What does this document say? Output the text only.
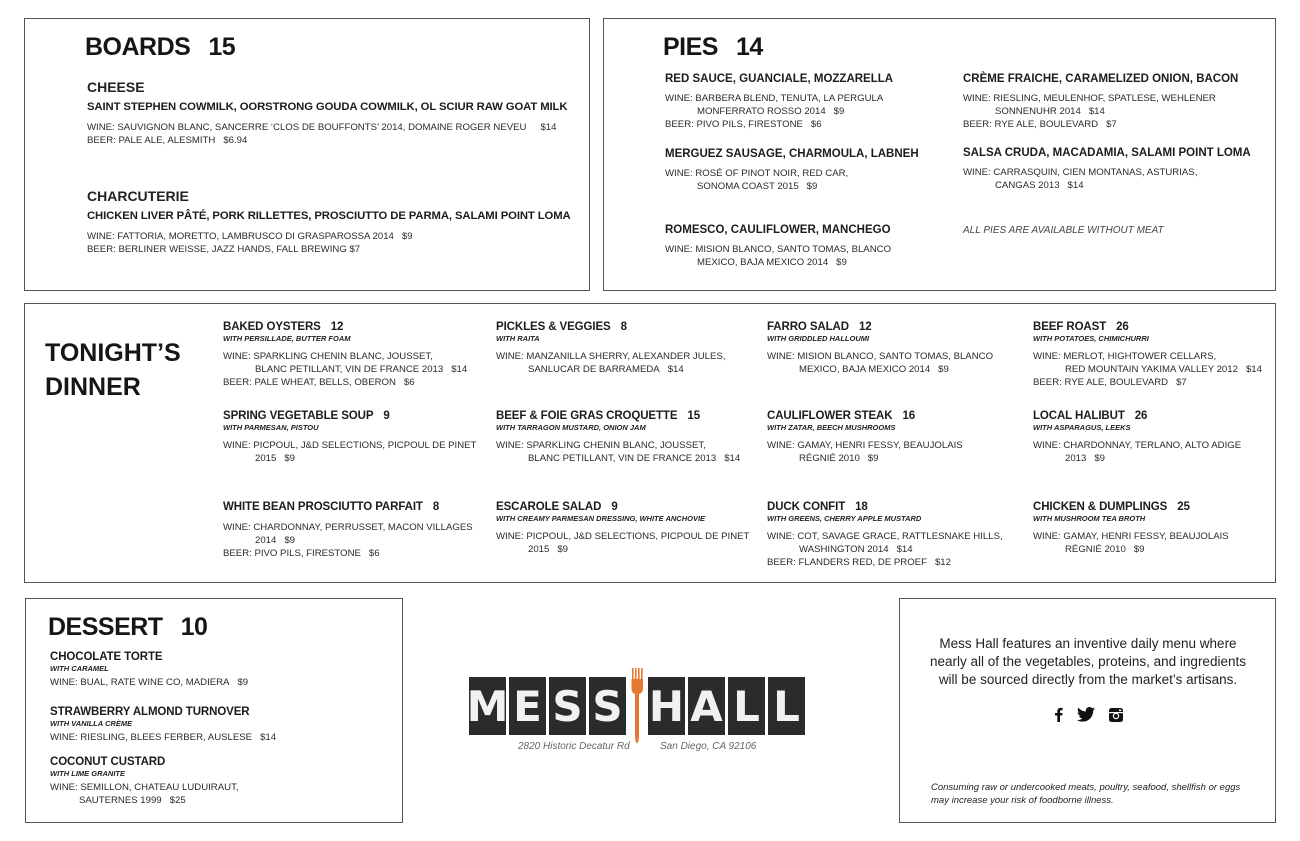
BOARDS 15
CHEESE
SAINT STEPHEN COWMILK, OORSTRONG GOUDA COWMILK, OL SCIUR RAW GOAT MILK
WINE: SAUVIGNON BLANC, SANCERRE ‘CLOS DE BOUFFONTS’ 2014, DOMAINE ROGER NEVEU $14
BEER: PALE ALE, ALESMITH $6.94
CHARCUTERIE
CHICKEN LIVER PÂTÉ, PORK RILLETTES, PROSCIUTTO DE PARMA, SALAMI POINT LOMA
WINE: FATTORIA, MORETTO, LAMBRUSCO DI GRASPAROSSA 2014 $9
BEER: BERLINER WEISSE, JAZZ HANDS, FALL BREWING $7
PIES 14
RED SAUCE, GUANCIALE, MOZZARELLA
WINE: BARBERA BLEND, TENUTA, LA PERGULA
MONFERRATO ROSSO 2014 $9
BEER: PIVO PILS, FIRESTONE $6
MERGUEZ SAUSAGE, CHARMOULA, LABNEH
WINE: ROSÉ OF PINOT NOIR, RED CAR,
SONOMA COAST 2015 $9
ROMESCO, CAULIFLOWER, MANCHEGO
WINE: MISION BLANCO, SANTO TOMAS, BLANCO
MEXICO, BAJA MEXICO 2014 $9
CRÈME FRAICHE, CARAMELIZED ONION, BACON
WINE: RIESLING, MEULENHOF, SPATLESE, WEHLENER
SONNENUHR 2014 $14
BEER: RYE ALE, BOULEVARD $7
SALSA CRUDA, MACADAMIA, SALAMI POINT LOMA
WINE: CARRASQUIN, CIEN MONTANAS, ASTURIAS,
CANGAS 2013 $14
ALL PIES ARE AVAILABLE WITHOUT MEAT
TONIGHT’S
DINNER
BAKED OYSTERS 12
WITH PERSILLADE, BUTTER FOAM
WINE: SPARKLING CHENIN BLANC, JOUSSET,
BLANC PETILLANT, VIN DE FRANCE 2013 $14
BEER: PALE WHEAT, BELLS, OBERON $6
SPRING VEGETABLE SOUP 9
WITH PARMESAN, PISTOU
WINE: PICPOUL, J&D SELECTIONS, PICPOUL DE PINET
2015 $9
WHITE BEAN PROSCIUTTO PARFAIT 8
WINE: CHARDONNAY, PERRUSSET, MACON VILLAGES
2014 $9
BEER: PIVO PILS, FIRESTONE $6
PICKLES & VEGGIES 8
WITH RAITA
WINE: MANZANILLA SHERRY, ALEXANDER JULES,
SANLUCAR DE BARRAMEDA $14
BEEF & FOIE GRAS CROQUETTE 15
WITH TARRAGON MUSTARD, ONION JAM
WINE: SPARKLING CHENIN BLANC, JOUSSET,
BLANC PETILLANT, VIN DE FRANCE 2013 $14
ESCAROLE SALAD 9
WITH CREAMY PARMESAN DRESSING, WHITE ANCHOVIE
WINE: PICPOUL, J&D SELECTIONS, PICPOUL DE PINET
2015 $9
FARRO SALAD 12
WITH GRIDDLED HALLOUMI
WINE: MISION BLANCO, SANTO TOMAS, BLANCO
MEXICO, BAJA MEXICO 2014 $9
CAULIFLOWER STEAK 16
WITH ZATAR, BEECH MUSHROOMS
WINE: GAMAY, HENRI FESSY, BEAUJOLAIS
RÉGNIÉ 2010 $9
DUCK CONFIT 18
WITH GREENS, CHERRY APPLE MUSTARD
WINE: COT, SAVAGE GRACE, RATTLESNAKE HILLS,
WASHINGTON 2014 $14
BEER: FLANDERS RED, DE PROEF $12
BEEF ROAST 26
WITH POTATOES, CHIMICHURRI
WINE: MERLOT, HIGHTOWER CELLARS,
RED MOUNTAIN YAKIMA VALLEY 2012 $14
BEER: RYE ALE, BOULEVARD $7
LOCAL HALIBUT 26
WITH ASPARAGUS, LEEKS
WINE: CHARDONNAY, TERLANO, ALTO ADIGE
2013 $9
CHICKEN & DUMPLINGS 25
WITH MUSHROOM TEA BROTH
WINE: GAMAY, HENRI FESSY, BEAUJOLAIS
RÉGNIÉ 2010 $9
DESSERT 10
CHOCOLATE TORTE
WITH CARAMEL
WINE: BUAL, RATE WINE CO, MADIERA $9
STRAWBERRY ALMOND TURNOVER
WITH VANILLA CRÈME
WINE: RIESLING, BLEES FERBER, AUSLESE $14
COCONUT CUSTARD
WITH LIME GRANITE
WINE: SEMILLON, CHATEAU LUDUIRAUT,
SAUTERNES 1999 $25
M E S S H A L L
2820 Historic Decatur Rd	San Diego, CA 92106
Mess Hall features an inventive daily menu where nearly all of the vegetables, proteins, and ingredients will be sourced directly from the market’s artisans.
Consuming raw or undercooked meats, poultry, seafood, shellfish or eggs
may increase your risk of foodborne illness.
